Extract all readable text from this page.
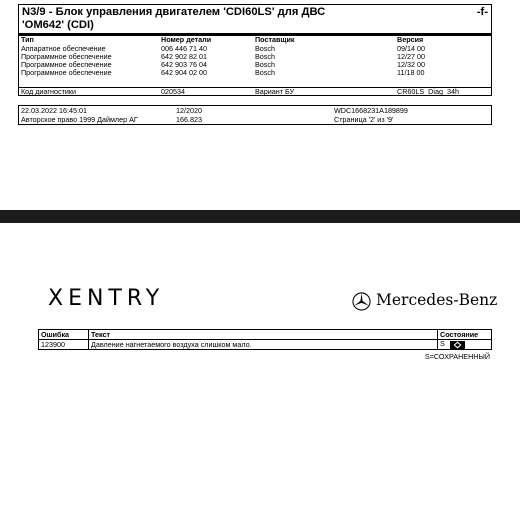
N3/9 - Блок управления двигателем 'CDI60LS' для ДВС
'OM642' (CDI)
-f-
Тип	Номер детали	Поставщик	Версия
Аппаратное обеспечение	006 446 71 40	Bosch	09/14 00
Программное обеспечение	642 902 82 01	Bosch	12/27 00
Программное обеспечение	642 903 76 04	Bosch	12/32 00
Программное обеспечение	642 904 02 00	Bosch	11/18 00
Код диагностики	020534	Вариант БУ	CR60LS_Diag_34h
22.03.2022 16:45:01	12/2020	WDC1668231A189899
Авторское право 1999 Даймлер АГ	166.823	Страница '2' из '9'
XENTRY	Mercedes-Benz
Ошибка	Текст	Состояние
123900	Давление нагнетаемого воздуха слишком мало.	S
S=СОХРАНЕННЫЙ
